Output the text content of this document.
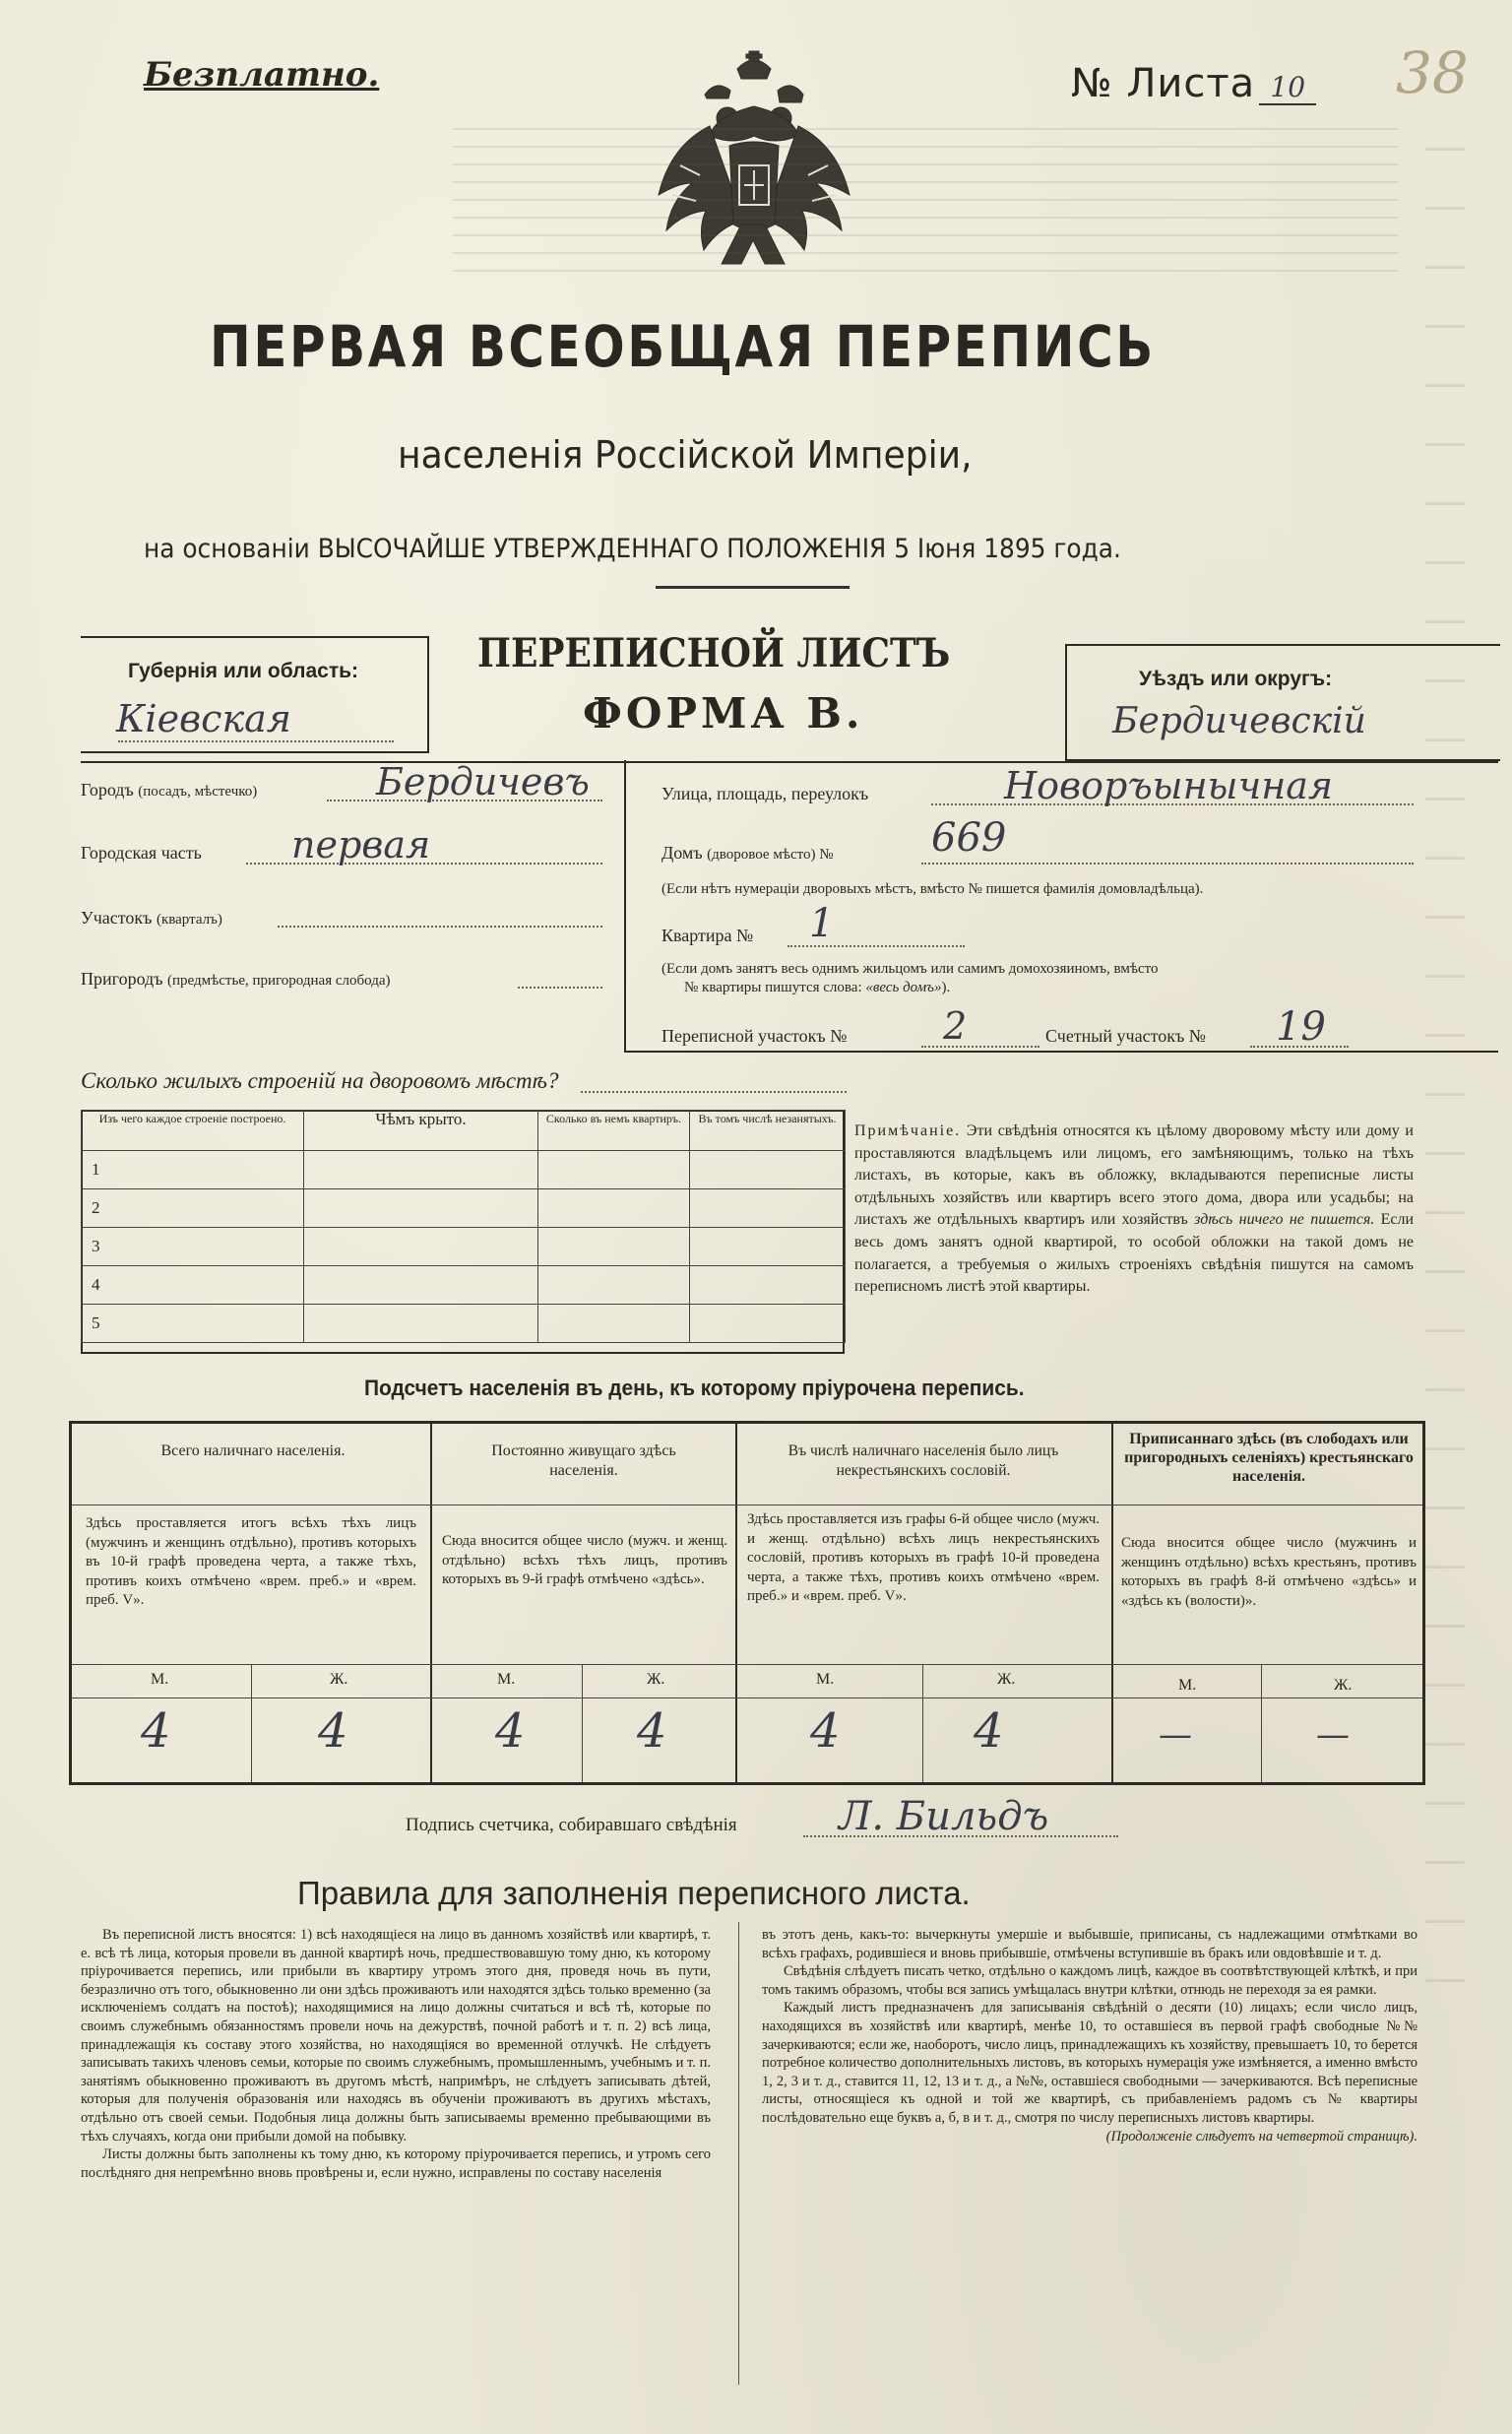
Безплатно.	№ Листа 10 38
ПЕРВАЯ ВСЕОБЩАЯ ПЕРЕПИСЬ
населенія Россійской Имперіи,
на основаніи ВЫСОЧАЙШЕ УТВЕРЖДЕННАГО ПОЛОЖЕНІЯ 5 Іюня 1895 года.
Губернія или область:
Кіевская
ПЕРЕПИСНОЙ ЛИСТЪ
ФОРМА В.
Уѣздъ или округъ:
Бердичевскій
Городъ (посадъ, мѣстечко)	Бердичевъ
Городская часть первая
Участокъ (кварталъ)
Пригородъ (предмѣстье, пригородная слобода)
Улица, площадь, переулокъ	Новоръынычная
Домъ (дворовое мѣсто) № 669
(Если нѣтъ нумераціи дворовыхъ мѣстъ, вмѣсто № пишется фамилія домовладѣльца).
Квартира № 1
(Если домъ занятъ весь однимъ жильцомъ или самимъ домохозяиномъ, вмѣсто
№ квартиры пишутся слова: «весь домъ»).
Переписной участокъ №	2	Счетный участокъ № 19
Сколько жилыхъ строеній на дворовомъ мѣстѣ?
Изъ чего каждое строеніе построено.	Чѣмъ крыто.	Сколько въ немъ квартиръ.	Въ томъ числѣ незанятыхъ.
1			
2			
3			
4			
5			
Примѣчаніе. Эти свѣдѣнія относятся къ цѣлому дворовому мѣсту или дому и проставляются владѣльцемъ или лицомъ, его замѣняющимъ, только на тѣхъ листахъ, въ которые, какъ въ обложку, вкладываются переписные листы отдѣльныхъ хозяйствъ или квартиръ всего этого дома, двора или усадьбы; на листахъ же отдѣльныхъ квартиръ или хозяйствъ здѣсь ничего не пишется. Если весь домъ занятъ одной квартирой, то особой обложки на такой домъ не полагается, а требуемыя о жилыхъ строеніяхъ свѣдѣнія пишутся на самомъ переписномъ листѣ этой квартиры.
Подсчетъ населенія въ день, къ которому пріурочена перепись.
Всего наличнаго населенія.
Здѣсь проставляется итогъ всѣхъ тѣхъ лицъ (мужчинъ и женщинъ отдѣльно), противъ которыхъ въ 10-й графѣ проведена черта, а также тѣхъ, противъ коихъ отмѣчено «врем. преб.» и «врем. преб. V».
М.	Ж.
4	4
Постоянно живущаго здѣсь населенія.
Сюда вносится общее число (мужч. и женщ. отдѣльно) всѣхъ тѣхъ лицъ, противъ которыхъ въ 9-й графѣ отмѣчено «здѣсь».
М.	Ж.
4 4
Въ числѣ наличнаго населенія было лицъ некрестьянскихъ сословій.
Здѣсь проставляется изъ графы 6-й общее число (мужч. и женщ. отдѣльно) всѣхъ лицъ некрестьянскихъ сословій, противъ которыхъ въ графѣ 10-й проведена черта, а также тѣхъ, противъ коихъ отмѣчено «врем. преб.» и «врем. преб. V».
М.	Ж.
4	4
Приписаннаго здѣсь (въ слободахъ или пригородныхъ селеніяхъ) крестьянскаго населенія.
Сюда вносится общее число (мужчинъ и женщинъ отдѣльно) всѣхъ крестьянъ, противъ которыхъ въ графѣ 8-й отмѣчено «здѣсь» и «здѣсь къ (волости)».
М.	Ж.
—	—
Подпись счетчика, собиравшаго свѣдѣнія	Л. Бильдъ
Правила для заполненія переписного листа.

Въ переписной листъ вносятся: 1) всѣ находящіеся на лицо въ данномъ хозяйствѣ или квартирѣ, т. е. всѣ тѣ лица, которыя провели въ данной квартирѣ ночь, предшествовавшую тому дню, къ которому пріурочивается перепись, или прибыли въ квартиру утромъ этого дня, проведя ночь въ пути, безразлично отъ того, обыкновенно ли они здѣсь проживаютъ или находятся здѣсь только временно (за исключеніемъ солдатъ на постоѣ); находящимися на лицо должны считаться и всѣ тѣ, которые по своимъ служебнымъ обязанностямъ провели ночь на дежурствѣ, почной работѣ и т. п. 2) всѣ лица, принадлежащія къ составу этого хозяйства, но находящіяся во временной отлучкѣ. Не слѣдуетъ записывать такихъ членовъ семьи, которые по своимъ служебнымъ, промышленнымъ, учебнымъ и т. п. занятіямъ обыкновенно проживаютъ въ другомъ мѣстѣ, напримѣръ, не слѣдуетъ записывать дѣтей, которыя для полученія образованія или находясь въ обученіи проживаютъ въ другихъ мѣстахъ, отдѣльно отъ своей семьи. Подобныя лица должны быть записываемы временно пребывающими въ тѣхъ случаяхъ, когда они прибыли домой на побывку.

Листы должны быть заполнены къ тому дню, къ которому пріурочивается перепись, и утромъ сего послѣдняго дня непремѣнно вновь провѣрены и, если нужно, исправлены по составу населенія

въ этотъ день, какъ-то: вычеркнуты умершіе и выбывшіе, приписаны, съ надлежащими отмѣтками во всѣхъ графахъ, родившіеся и вновь прибывшіе, отмѣчены вступившіе въ бракъ или овдовѣвшіе и т. д.

Свѣдѣнія слѣдуетъ писать четко, отдѣльно о каждомъ лицѣ, каждое въ соотвѣтствующей клѣткѣ, и при томъ такимъ образомъ, чтобы вся запись умѣщалась внутри клѣтки, отнюдь не переходя за ея рамки.

Каждый листъ предназначенъ для записыванія свѣдѣній о десяти (10) лицахъ; если число лицъ, находящихся въ хозяйствѣ или квартирѣ, менѣе 10, то оставшіеся въ первой графѣ свободные №№ зачеркиваются; если же, наоборотъ, число лицъ, принадлежащихъ къ хозяйству, превышаетъ 10, то берется потребное количество дополнительныхъ листовъ, въ которыхъ нумерація уже измѣняется, а именно вмѣсто 1, 2, 3 и т. д., ставится 11, 12, 13 и т. д., а №№, оставшіеся свободными — зачеркиваются. Всѣ переписные листы, относящіеся къ одной и той же квартирѣ, съ прибавленіемъ радомъ съ № квартиры послѣдовательно еще буквъ а, б, в и т. д., смотря по числу переписныхъ листовъ квартиры.

(Продолженіе слѣдуетъ на четвертой страницѣ).
